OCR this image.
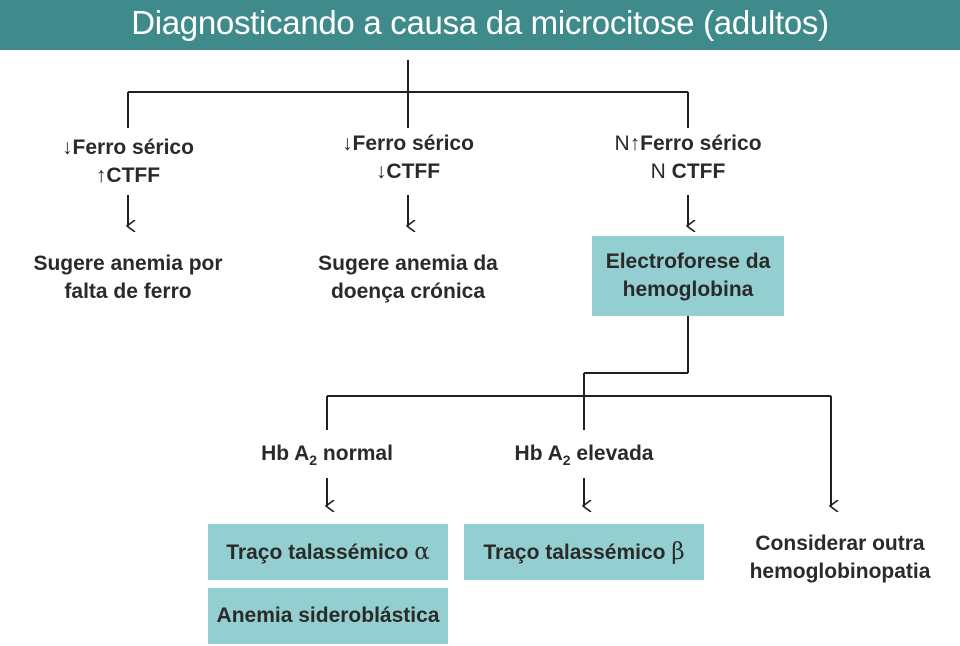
Diagnosticando a causa da microcitose (adultos)
↓Ferro sérico
↑CTFF
↓Ferro sérico
↓CTFF
N↑Ferro sérico
N CTFF
Sugere anemia por
falta de ferro
Sugere anemia da
doença crónica
Electroforese da
hemoglobina
Hb $A_2$ normal	Hb $A_2$ elevada
Traço talassémico α	Traço talassémico β	Considerar outra
hemoglobinopatia
Anemia sideroblástica
